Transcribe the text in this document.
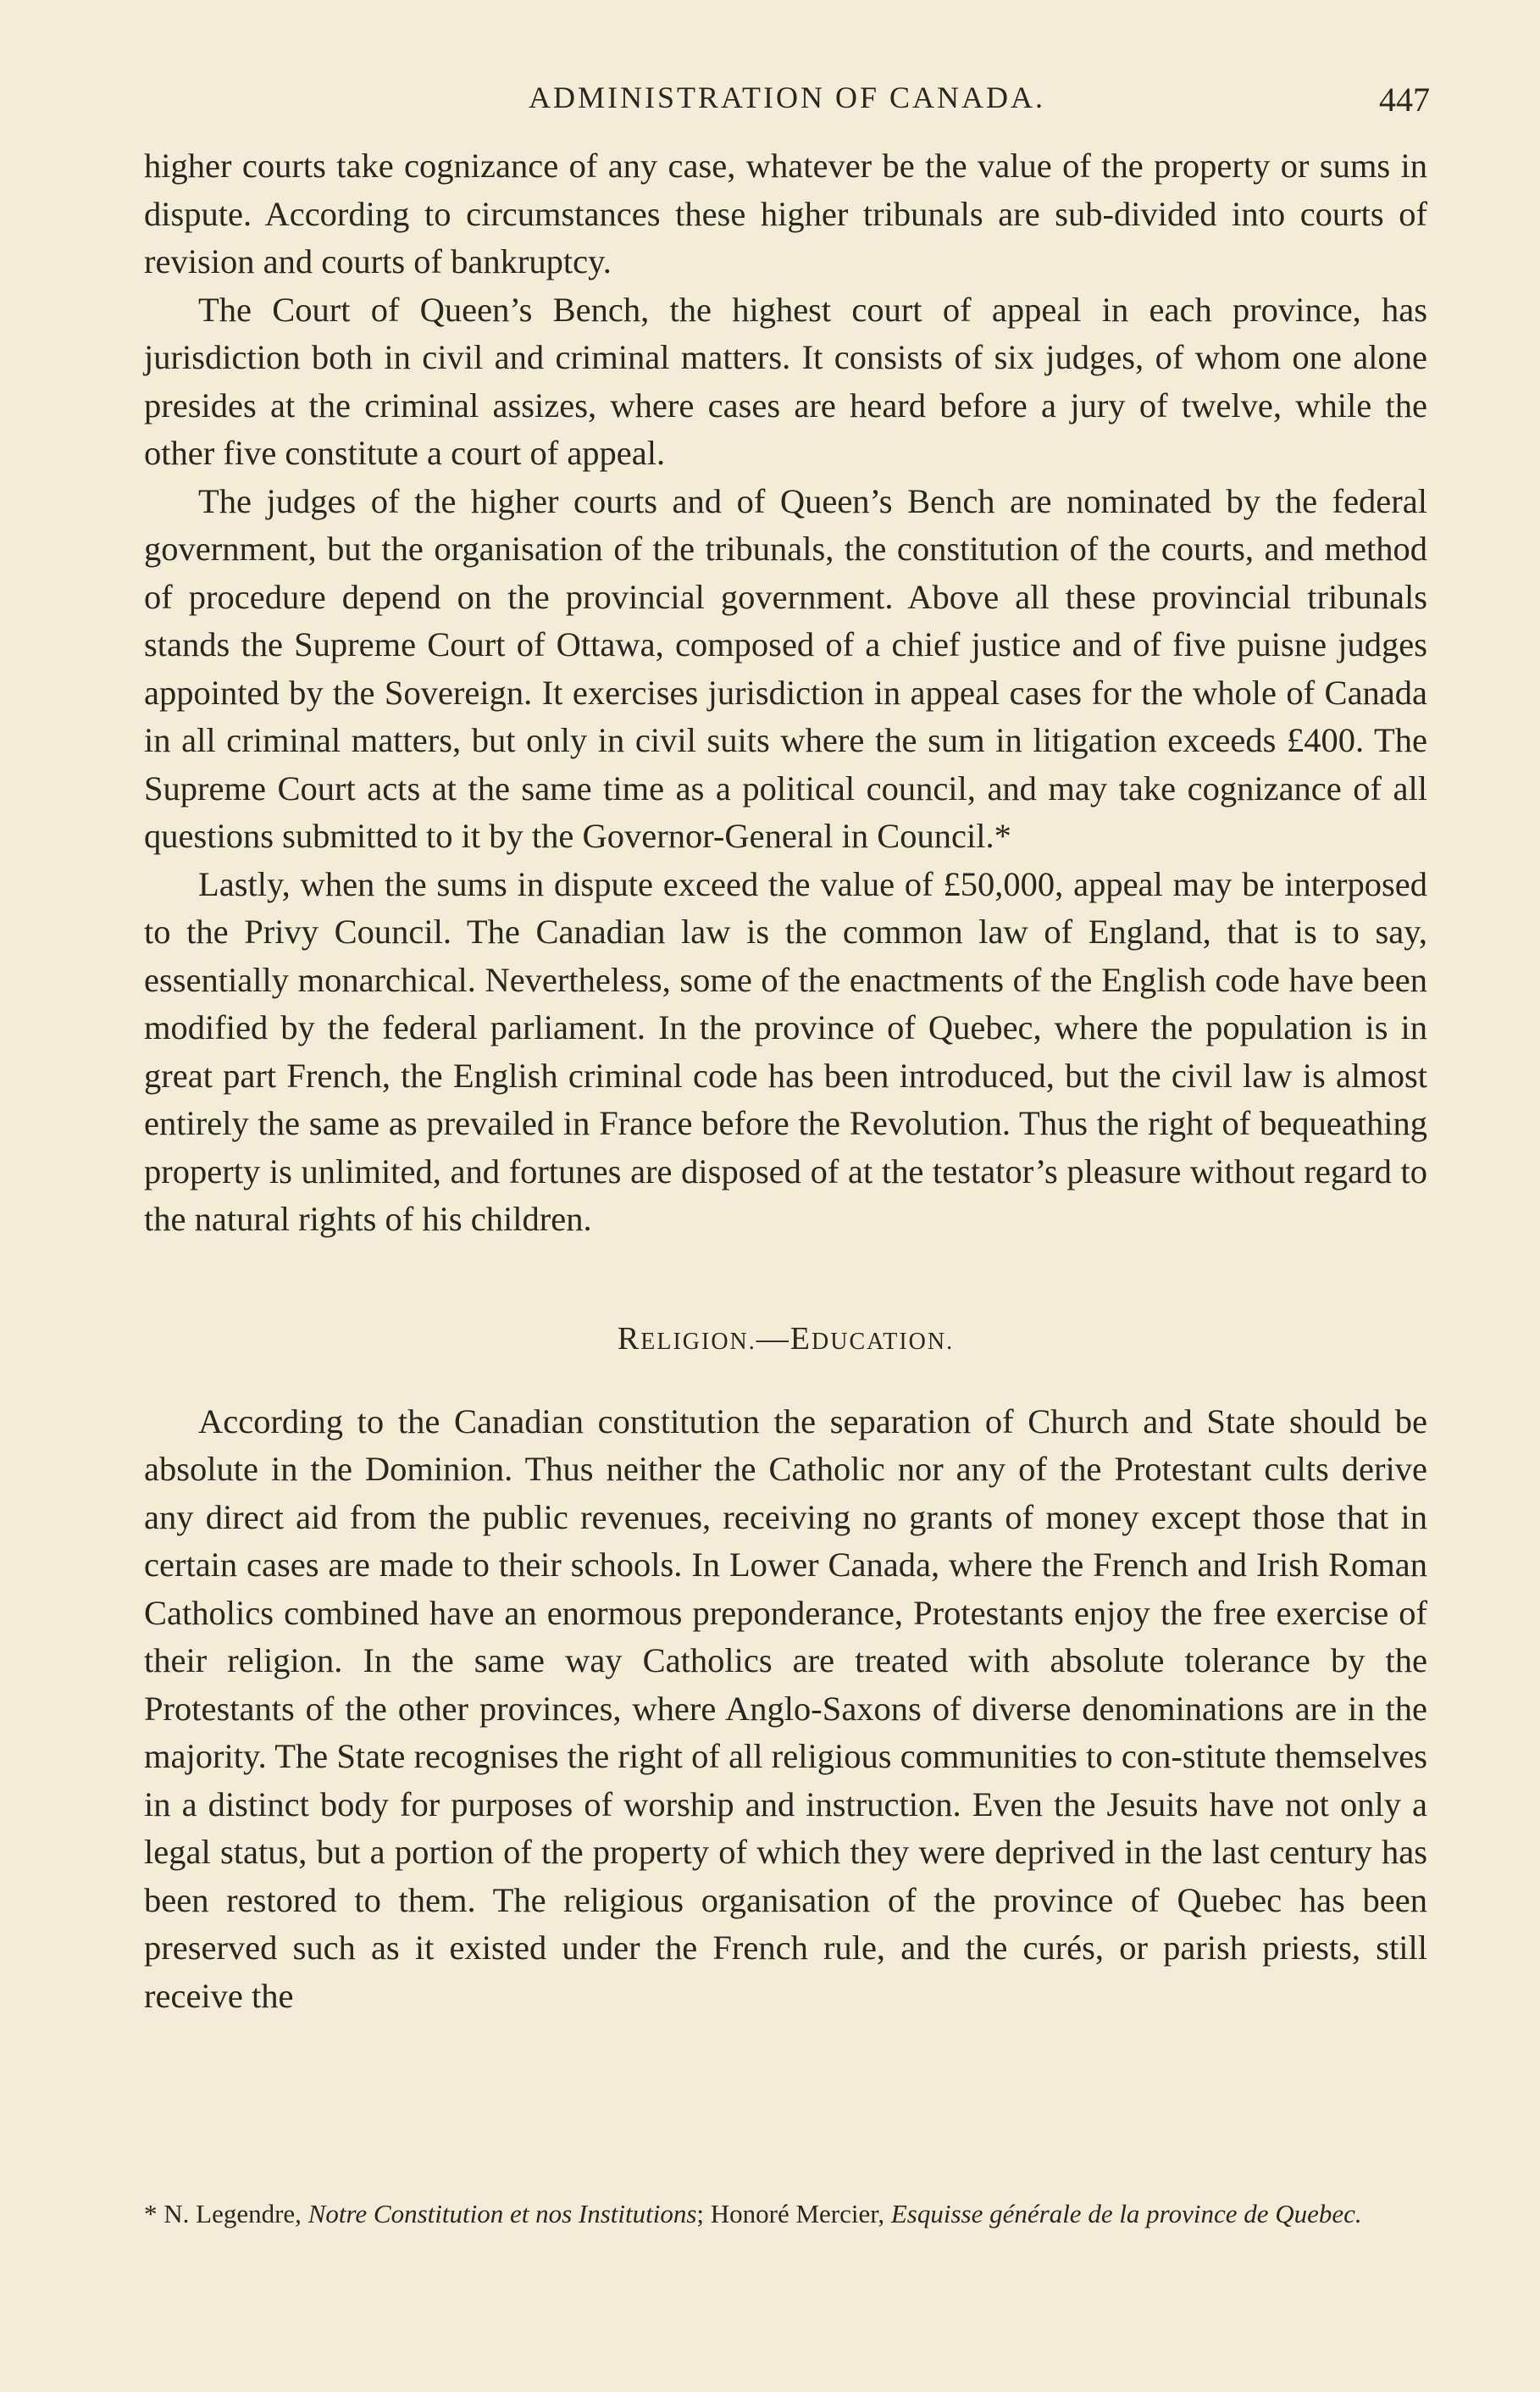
ADMINISTRATION OF CANADA.	447

higher courts take cognizance of any case, whatever be the value of the property or sums in dispute. According to circumstances these higher tribunals are sub-divided into courts of revision and courts of bankruptcy.

The Court of Queen’s Bench, the highest court of appeal in each province, has jurisdiction both in civil and criminal matters. It consists of six judges, of whom one alone presides at the criminal assizes, where cases are heard before a jury of twelve, while the other five constitute a court of appeal.

The judges of the higher courts and of Queen’s Bench are nominated by the federal government, but the organisation of the tribunals, the constitution of the courts, and method of procedure depend on the provincial government. Above all these provincial tribunals stands the Supreme Court of Ottawa, composed of a chief justice and of five puisne judges appointed by the Sovereign. It exercises jurisdiction in appeal cases for the whole of Canada in all criminal matters, but only in civil suits where the sum in litigation exceeds £400. The Supreme Court acts at the same time as a political council, and may take cognizance of all questions submitted to it by the Governor-General in Council.*

Lastly, when the sums in dispute exceed the value of £50,000, appeal may be interposed to the Privy Council. The Canadian law is the common law of England, that is to say, essentially monarchical. Nevertheless, some of the enactments of the English code have been modified by the federal parliament. In the province of Quebec, where the population is in great part French, the English criminal code has been introduced, but the civil law is almost entirely the same as prevailed in France before the Revolution. Thus the right of bequeathing property is unlimited, and fortunes are disposed of at the testator’s pleasure without regard to the natural rights of his children.

RELIGION.—EDUCATION.

According to the Canadian constitution the separation of Church and State should be absolute in the Dominion. Thus neither the Catholic nor any of the Protestant cults derive any direct aid from the public revenues, receiving no grants of money except those that in certain cases are made to their schools. In Lower Canada, where the French and Irish Roman Catholics combined have an enormous preponderance, Protestants enjoy the free exercise of their religion. In the same way Catholics are treated with absolute tolerance by the Protestants of the other provinces, where Anglo-Saxons of diverse denominations are in the majority. The State recognises the right of all religious communities to con-stitute themselves in a distinct body for purposes of worship and instruction. Even the Jesuits have not only a legal status, but a portion of the property of which they were deprived in the last century has been restored to them. The religious organisation of the province of Quebec has been preserved such as it existed under the French rule, and the curés, or parish priests, still receive the

* N. Legendre, Notre Constitution et nos Institutions; Honoré Mercier, Esquisse générale de la province de Quebec.
